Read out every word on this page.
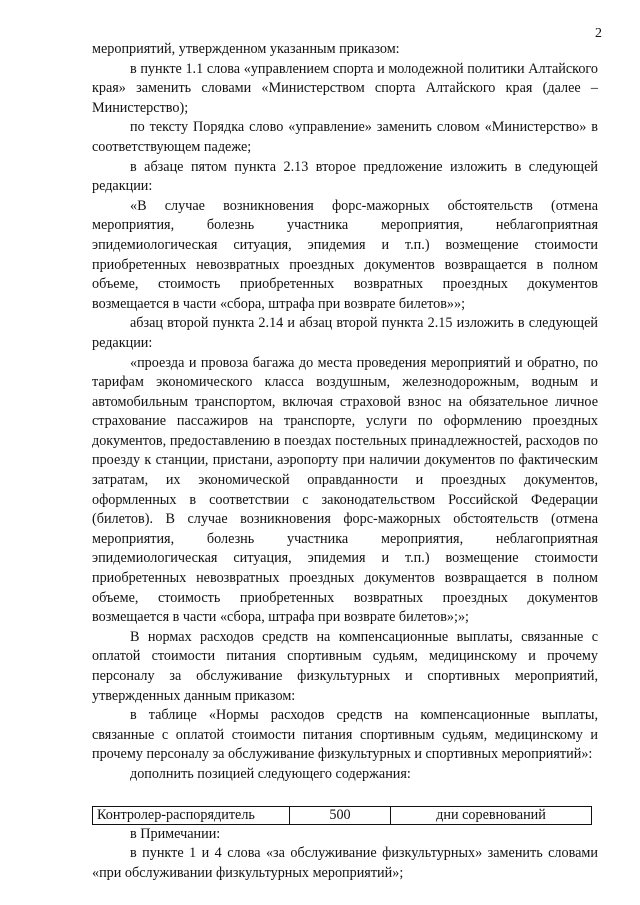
2

мероприятий, утвержденном указанным приказом:

в пункте 1.1 слова «управлением спорта и молодежной политики Алтайского края» заменить словами «Министерством спорта Алтайского края (далее – Министерство);

по тексту Порядка слово «управление» заменить словом «Министерство» в соответствующем падеже;

в абзаце пятом пункта 2.13 второе предложение изложить в следующей редакции:

«В случае возникновения форс-мажорных обстоятельств (отмена мероприятия, болезнь участника мероприятия, неблагоприятная эпидемиологическая ситуация, эпидемия и т.п.) возмещение стоимости приобретенных невозвратных проездных документов возвращается в полном объеме, стоимость приобретенных возвратных проездных документов возмещается в части «сбора, штрафа при возврате билетов»»;

абзац второй пункта 2.14 и абзац второй пункта 2.15 изложить в следующей редакции:

«проезда и провоза багажа до места проведения мероприятий и обратно, по тарифам экономического класса воздушным, железнодорожным, водным и автомобильным транспортом, включая страховой взнос на обязательное личное страхование пассажиров на транспорте, услуги по оформлению проездных документов, предоставлению в поездах постельных принадлежностей, расходов по проезду к станции, пристани, аэропорту при наличии документов по фактическим затратам, их экономической оправданности и проездных документов, оформленных в соответствии с законодательством Российской Федерации (билетов). В случае возникновения форс-мажорных обстоятельств (отмена мероприятия, болезнь участника мероприятия, неблагоприятная эпидемиологическая ситуация, эпидемия и т.п.) возмещение стоимости приобретенных невозвратных проездных документов возвращается в полном объеме, стоимость приобретенных возвратных проездных документов возмещается в части «сбора, штрафа при возврате билетов»;»;

В нормах расходов средств на компенсационные выплаты, связанные с оплатой стоимости питания спортивным судьям, медицинскому и прочему персоналу за обслуживание физкультурных и спортивных мероприятий, утвержденных данным приказом:

в таблице «Нормы расходов средств на компенсационные выплаты, связанные с оплатой стоимости питания спортивным судьям, медицинскому и прочему персоналу за обслуживание физкультурных и спортивных мероприятий»:

дополнить позицией следующего содержания:

Контролер-распорядитель	500	дни соревнований

в Примечании:

в пункте 1 и 4 слова «за обслуживание физкультурных» заменить словами «при обслуживании физкультурных мероприятий»;
